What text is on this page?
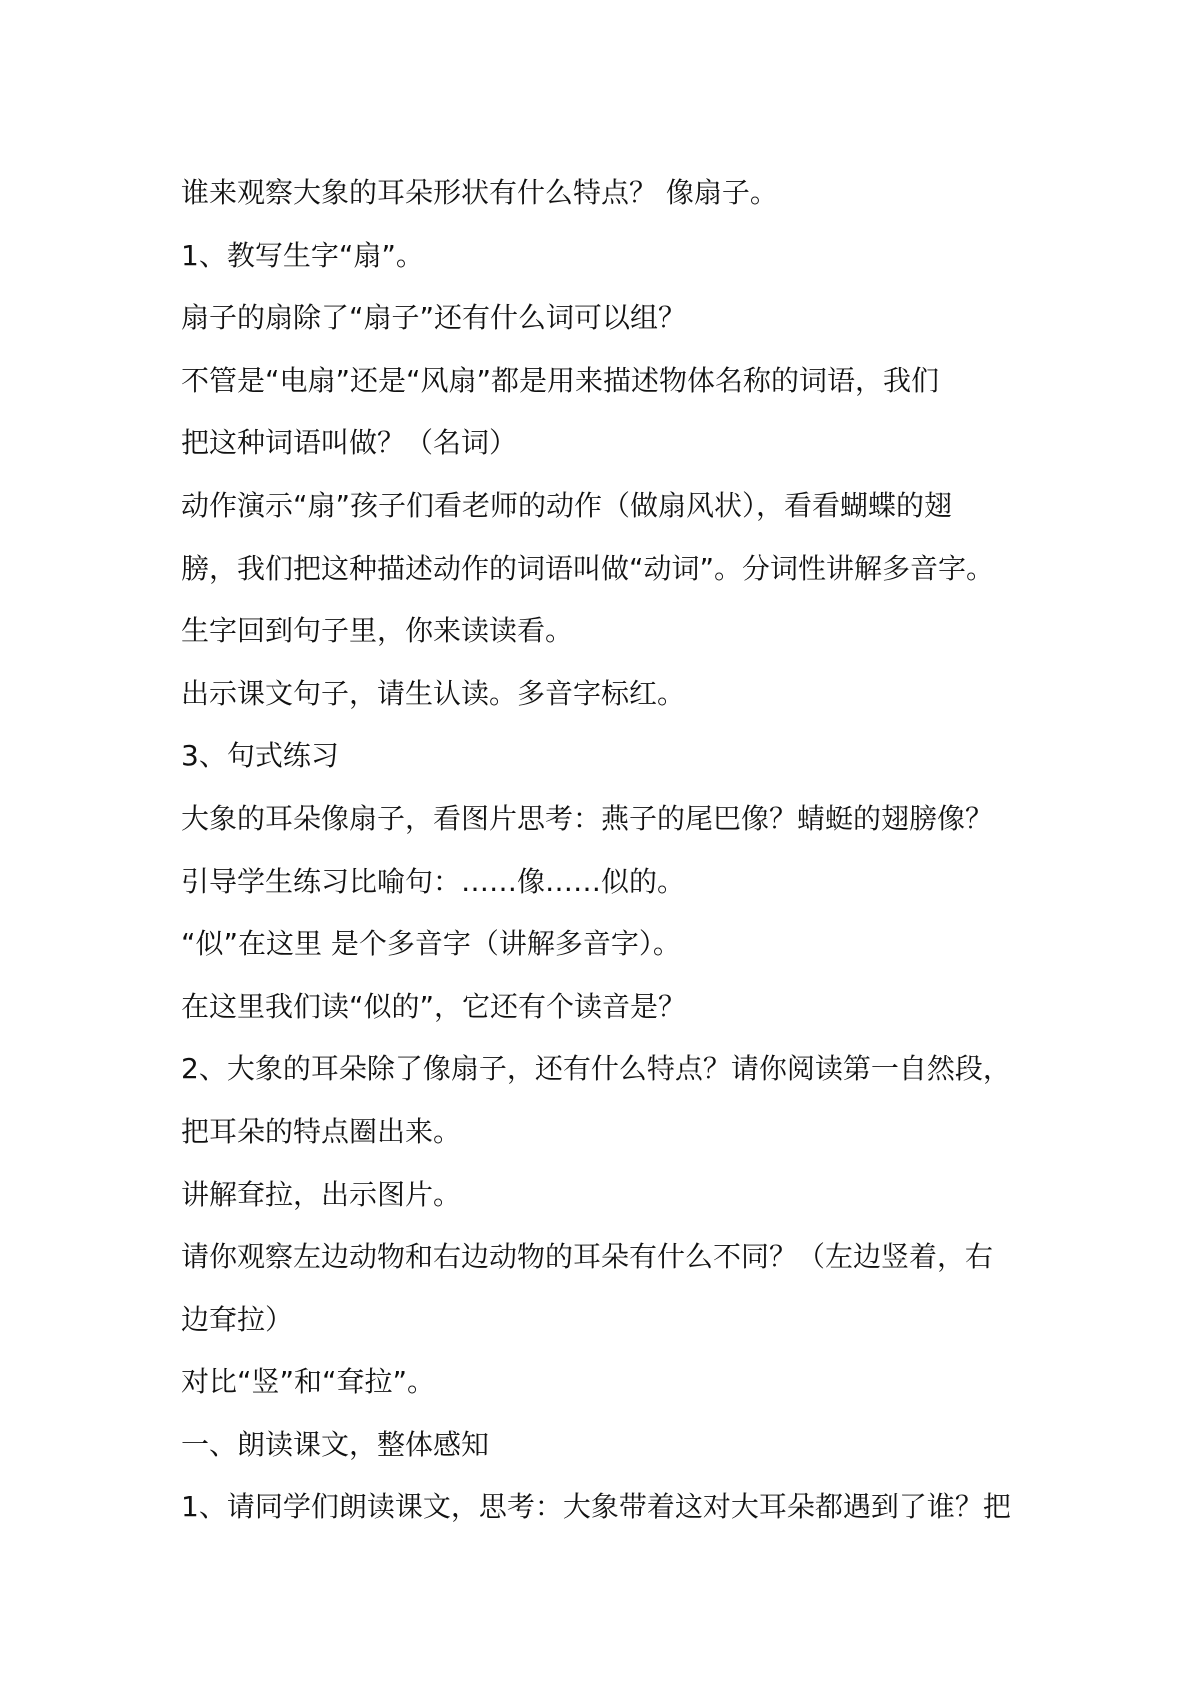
谁来观察大象的耳朵形状有什么特点？ 像扇子。

1、教写生字“扇”。

扇子的扇除了“扇子”还有什么词可以组？

不管是“电扇”还是“风扇”都是用来描述物体名称的词语，我们

把这种词语叫做？（名词）

动作演示“扇”孩子们看老师的动作（做扇风状），看看蝴蝶的翅

膀，我们把这种描述动作的词语叫做“动词”。分词性讲解多音字。

生字回到句子里，你来读读看。

出示课文句子，请生认读。多音字标红。

3、句式练习

大象的耳朵像扇子，看图片思考：燕子的尾巴像？蜻蜓的翅膀像？

引导学生练习比喻句：……像……似的。

“似”在这里 是个多音字（讲解多音字）。

在这里我们读“似的”，它还有个读音是？

2、大象的耳朵除了像扇子，还有什么特点？请你阅读第一自然段，

把耳朵的特点圈出来。

讲解耷拉，出示图片。

请你观察左边动物和右边动物的耳朵有什么不同？（左边竖着，右

边耷拉）

对比“竖”和“耷拉”。

一、朗读课文，整体感知

1、请同学们朗读课文，思考：大象带着这对大耳朵都遇到了谁？把
